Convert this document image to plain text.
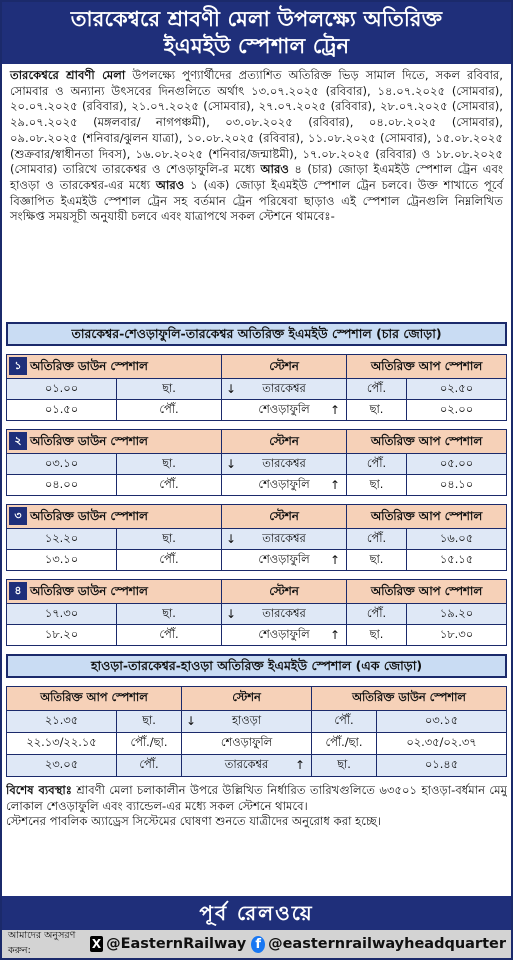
তারকেশ্বরে শ্রাবণী মেলা উপলক্ষ্যে অতিরিক্ত
ইএমইউ স্পেশাল ট্রেন
তারকেশ্বরে শ্রাবণী মেলা উপলক্ষ্যে পুণ্যার্থীদের প্রত্যাশিত অতিরিক্ত ভিড় সামাল দিতে, সকল রবিবার, সোমবার ও অন্যান্য উৎসবের দিনগুলিতে অর্থাৎ ১৩.০৭.২০২৫ (রবিবার), ১৪.০৭.২০২৫ (সোমবার), ২০.০৭.২০২৫ (রবিবার), ২১.০৭.২০২৫ (সোমবার), ২৭.০৭.২০২৫ (রবিবার), ২৮.০৭.২০২৫ (সোমবার), ২৯.০৭.২০২৫ (মঙ্গলবার/ নাগপঞ্চমী), ০৩.০৮.২০২৫ (রবিবার), ০৪.০৮.২০২৫ (সোমবার), ০৯.০৮.২০২৫ (শনিবার/ঝুলন যাত্রা), ১০.০৮.২০২৫ (রবিবার), ১১.০৮.২০২৫ (সোমবার), ১৫.০৮.২০২৫ (শুক্রবার/স্বাধীনতা দিবস), ১৬.০৮.২০২৫ (শনিবার/জন্মাষ্টমী), ১৭.০৮.২০২৫ (রবিবার) ও ১৮.০৮.২০২৫ (সোমবার) তারিখে তারকেশ্বর ও শেওড়াফুলি-র মধ্যে আরও ৪ (চার) জোড়া ইএমইউ স্পেশাল ট্রেন এবং হাওড়া ও তারকেশ্বর-এর মধ্যে আরও ১ (এক) জোড়া ইএমইউ স্পেশাল ট্রেন চলবে। উক্ত শাখাতে পূর্বে বিজ্ঞাপিত ইএমইউ স্পেশাল ট্রেন সহ বর্তমান ট্রেন পরিষেবা ছাড়াও এই স্পেশাল ট্রেনগুলি নিম্নলিখিত সংক্ষিপ্ত সময়সূচী অনুযায়ী চলবে এবং যাত্রাপথে সকল স্টেশনে থামবেঃ-
তারকেশ্বর-শেওড়াফুলি-তারকেশ্বর অতিরিক্ত ইএমইউ স্পেশাল (চার জোড়া)
১ অতিরিক্ত ডাউন স্পেশাল		স্টেশন	অতিরিক্ত আপ স্পেশাল	
০১.০০	ছা.	↓ তারকেশ্বর	পৌঁ.	০২.৫০
০১.৫০	পৌঁ.	শেওড়াফুলি ↑	ছা.	০২.০০
২ অতিরিক্ত ডাউন স্পেশাল		স্টেশন	অতিরিক্ত আপ স্পেশাল	
০৩.১০	ছা.	↓ তারকেশ্বর	পৌঁ.	০৫.০০
০৪.০০	পৌঁ.	শেওড়াফুলি ↑	ছা.	০৪.১০
৩ অতিরিক্ত ডাউন স্পেশাল		স্টেশন	অতিরিক্ত আপ স্পেশাল	
১২.২০	ছা.	↓ তারকেশ্বর	পৌঁ.	১৬.০৫
১৩.১০	পৌঁ.	শেওড়াফুলি ↑	ছা.	১৫.১৫
৪ অতিরিক্ত ডাউন স্পেশাল		স্টেশন	অতিরিক্ত আপ স্পেশাল	
১৭.৩০	ছা.	↓ তারকেশ্বর	পৌঁ.	১৯.২০
১৮.২০	পৌঁ.	শেওড়াফুলি ↑	ছা.	১৮.৩০
হাওড়া-তারকেশ্বর-হাওড়া অতিরিক্ত ইএমইউ স্পেশাল (এক জোড়া)
অতিরিক্ত আপ স্পেশাল		স্টেশন	অতিরিক্ত ডাউন স্পেশাল	
২১.৩৫	ছা.	↓ হাওড়া	পৌঁ.	০৩.১৫
২২.১৩/২২.১৫	পৌঁ./ছা.	শেওড়াফুলি	পৌঁ./ছা.	০২.৩৫/০২.৩৭
২৩.০৫	পৌঁ.	তারকেশ্বর ↑	ছা.	০১.৪৫
বিশেষ ব্যবস্থাঃ শ্রাবণী মেলা চলাকালীন উপরে উল্লিখিত নির্ধারিত তারিখগুলিতে ৬৩৫০১ হাওড়া-বর্ধমান মেমু লোকাল শেওড়াফুলি এবং ব্যান্ডেল-এর মধ্যে সকল স্টেশনে থামবে।
স্টেশনের পাবলিক অ্যাড্রেস সিস্টেমের ঘোষণা শুনতে যাত্রীদের অনুরোধ করা হচ্ছে।
পূর্ব রেলওয়ে
আমাদের অনুসরণ করুন:	X @EasternRailway f @easternrailwayheadquarter
